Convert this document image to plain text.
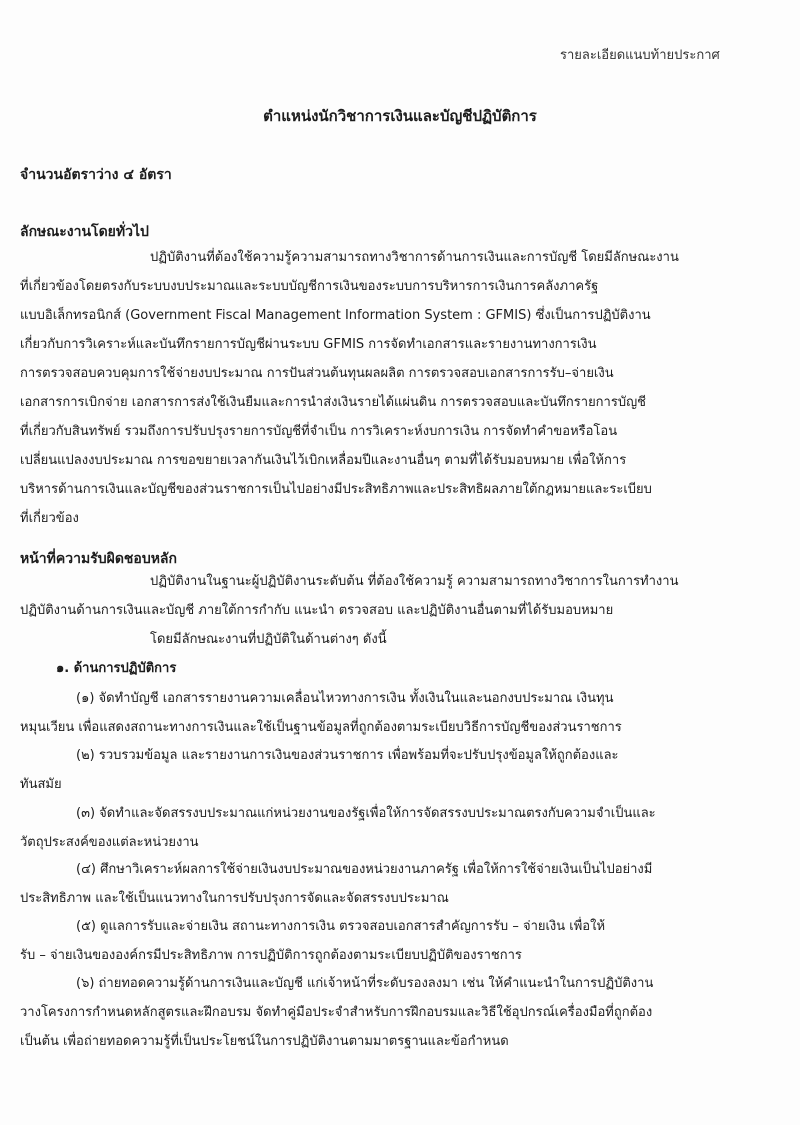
รายละเอียดแนบท้ายประกาศ
ตำแหน่งนักวิชาการเงินและบัญชีปฏิบัติการ
จำนวนอัตราว่าง ๔ อัตรา
ลักษณะงานโดยทั่วไป
ปฏิบัติงานที่ต้องใช้ความรู้ความสามารถทางวิชาการด้านการเงินและการบัญชี โดยมีลักษณะงาน
ที่เกี่ยวข้องโดยตรงกับระบบงบประมาณและระบบบัญชีการเงินของระบบการบริหารการเงินการคลังภาครัฐ
แบบอิเล็กทรอนิกส์ (Government Fiscal Management Information System : GFMIS) ซึ่งเป็นการปฏิบัติงาน
เกี่ยวกับการวิเคราะห์และบันทึกรายการบัญชีผ่านระบบ GFMIS การจัดทำเอกสารและรายงานทางการเงิน
การตรวจสอบควบคุมการใช้จ่ายงบประมาณ การปันส่วนต้นทุนผลผลิต การตรวจสอบเอกสารการรับ–จ่ายเงิน
เอกสารการเบิกจ่าย เอกสารการส่งใช้เงินยืมและการนำส่งเงินรายได้แผ่นดิน การตรวจสอบและบันทึกรายการบัญชี
ที่เกี่ยวกับสินทรัพย์ รวมถึงการปรับปรุงรายการบัญชีที่จำเป็น การวิเคราะห์งบการเงิน การจัดทำคำขอหรือโอน
เปลี่ยนแปลงงบประมาณ การขอขยายเวลากันเงินไว้เบิกเหลื่อมปีและงานอื่นๆ ตามที่ได้รับมอบหมาย เพื่อให้การ
บริหารด้านการเงินและบัญชีของส่วนราชการเป็นไปอย่างมีประสิทธิภาพและประสิทธิผลภายใต้กฎหมายและระเบียบ
ที่เกี่ยวข้อง
หน้าที่ความรับผิดชอบหลัก
ปฏิบัติงานในฐานะผู้ปฏิบัติงานระดับต้น ที่ต้องใช้ความรู้ ความสามารถทางวิชาการในการทำงาน
ปฏิบัติงานด้านการเงินและบัญชี ภายใต้การกำกับ แนะนำ ตรวจสอบ และปฏิบัติงานอื่นตามที่ได้รับมอบหมาย
โดยมีลักษณะงานที่ปฏิบัติในด้านต่างๆ ดังนี้
๑. ด้านการปฏิบัติการ
(๑) จัดทำบัญชี เอกสารรายงานความเคลื่อนไหวทางการเงิน ทั้งเงินในและนอกงบประมาณ เงินทุน
หมุนเวียน เพื่อแสดงสถานะทางการเงินและใช้เป็นฐานข้อมูลที่ถูกต้องตามระเบียบวิธีการบัญชีของส่วนราชการ
(๒) รวบรวมข้อมูล และรายงานการเงินของส่วนราชการ เพื่อพร้อมที่จะปรับปรุงข้อมูลให้ถูกต้องและ
ทันสมัย
(๓) จัดทำและจัดสรรงบประมาณแก่หน่วยงานของรัฐเพื่อให้การจัดสรรงบประมาณตรงกับความจำเป็นและ
วัตถุประสงค์ของแต่ละหน่วยงาน
(๔) ศึกษาวิเคราะห์ผลการใช้จ่ายเงินงบประมาณของหน่วยงานภาครัฐ เพื่อให้การใช้จ่ายเงินเป็นไปอย่างมี
ประสิทธิภาพ และใช้เป็นแนวทางในการปรับปรุงการจัดและจัดสรรงบประมาณ
(๕) ดูแลการรับและจ่ายเงิน สถานะทางการเงิน ตรวจสอบเอกสารสำคัญการรับ – จ่ายเงิน เพื่อให้
รับ – จ่ายเงินขององค์กรมีประสิทธิภาพ การปฏิบัติการถูกต้องตามระเบียบปฏิบัติของราชการ
(๖) ถ่ายทอดความรู้ด้านการเงินและบัญชี แก่เจ้าหน้าที่ระดับรองลงมา เช่น ให้คำแนะนำในการปฏิบัติงาน
วางโครงการกำหนดหลักสูตรและฝึกอบรม จัดทำคู่มือประจำสำหรับการฝึกอบรมและวิธีใช้อุปกรณ์เครื่องมือที่ถูกต้อง
เป็นต้น เพื่อถ่ายทอดความรู้ที่เป็นประโยชน์ในการปฏิบัติงานตามมาตรฐานและข้อกำหนด
